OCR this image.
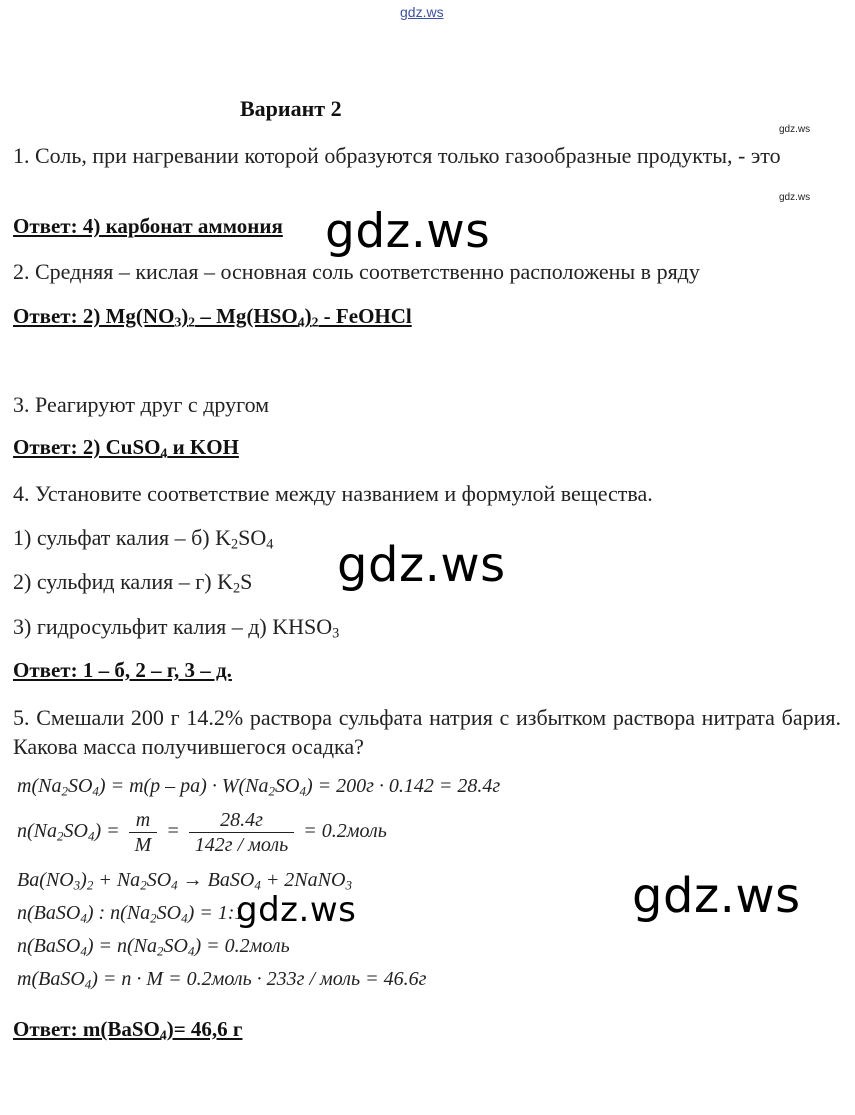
gdz.ws
gdz.ws
gdz.ws
Вариант 2
1. Соль, при нагревании которой образуются только газообразные продукты, - это
Ответ: 4) карбонат аммония
2. Средняя – кислая – основная соль соответственно расположены в ряду
Ответ: 2) $Mg(NO_3)_2 - Mg(HSO_4)_2$ - FeOHCl
3. Реагируют друг с другом
Ответ: 2) CuSO$_4$ и KOH
4. Установите соответствие между названием и формулой вещества.
1) сульфат калия – б) $K_2SO_4$
2) сульфид калия – г) $K_2S$
3) гидросульфит калия – д) $KHSO_3$
Ответ: 1 – б, 2 – г, 3 – д.
5. Смешали 200 г 14.2% раствора сульфата натрия с избытком раствора нитрата бария. Какова масса получившегося осадка?
$m(Na_2SO_4) = m(p - pa) \cdot W(Na_2SO_4) = 200г \cdot 0.142 = 28.4г$
$n(Na_2SO_4) = \frac{m}{M} = \frac{28.4г}{\text{142г / моль}}$ = 0.2моль
$Ba(NO_3)_2 + Na_2SO_4$ → BaSO$_4$ + 2NaNO$_3$
n(BaSO$_4$) : $n(Na_2SO_4)$ = 1:1
n(BaSO$_4$) = $n(Na_2SO_4)$ = 0.2моль
m(BaSO$_4$) = n · M = 0.2моль · 233г / моль = 46.6г
Ответ: m(BaSO$_4$)= 46,6 г
gdz.ws
gdz.ws
gdz.ws
gdz.ws
